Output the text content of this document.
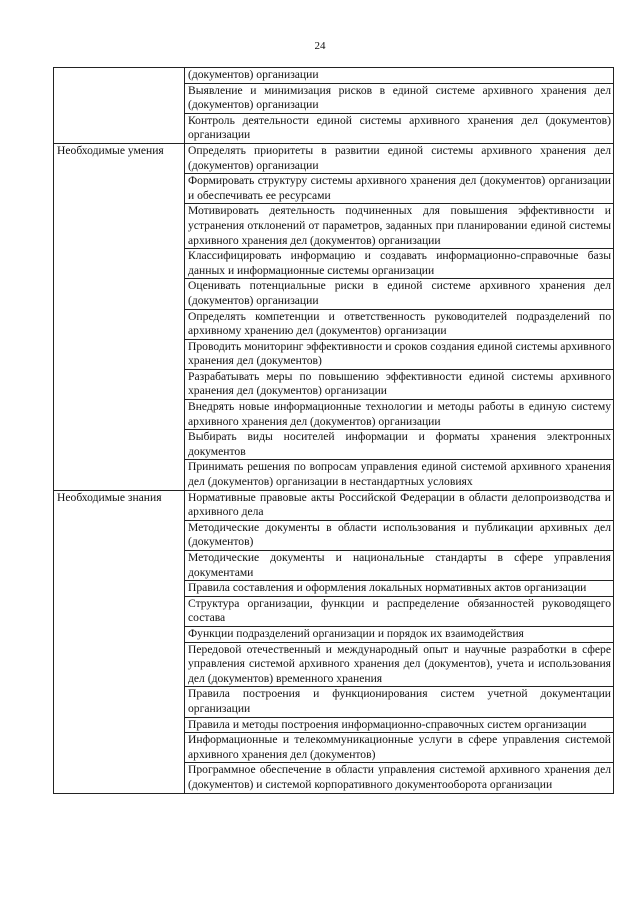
24
	(документов) организации
	Выявление и минимизация рисков в единой системе архивного хранения дел (документов) организации
	Контроль деятельности единой системы архивного хранения дел (документов) организации
Необходимые умения	Определять приоритеты в развитии единой системы архивного хранения дел (документов) организации
	Формировать структуру системы архивного хранения дел (документов) организации и обеспечивать ее ресурсами
	Мотивировать деятельность подчиненных для повышения эффективности и устранения отклонений от параметров, заданных при планировании единой системы архивного хранения дел (документов) организации
	Классифицировать информацию и создавать информационно-справочные базы данных и информационные системы организации
	Оценивать потенциальные риски в единой системе архивного хранения дел (документов) организации
	Определять компетенции и ответственность руководителей подразделений по архивному хранению дел (документов) организации
	Проводить мониторинг эффективности и сроков создания единой системы архивного хранения дел (документов)
	Разрабатывать меры по повышению эффективности единой системы архивного хранения дел (документов) организации
	Внедрять новые информационные технологии и методы работы в единую систему архивного хранения дел (документов) организации
	Выбирать виды носителей информации и форматы хранения электронных документов
	Принимать решения по вопросам управления единой системой архивного хранения дел (документов) организации в нестандартных условиях
Необходимые знания	Нормативные правовые акты Российской Федерации в области делопроизводства и архивного дела
	Методические документы в области использования и публикации архивных дел (документов)
	Методические документы и национальные стандарты в сфере управления документами
	Правила составления и оформления локальных нормативных актов организации
	Структура организации, функции и распределение обязанностей руководящего состава
	Функции подразделений организации и порядок их взаимодействия
	Передовой отечественный и международный опыт и научные разработки в сфере управления системой архивного хранения дел (документов), учета и использования дел (документов) временного хранения
	Правила построения и функционирования систем учетной документации организации
	Правила и методы построения информационно-справочных систем организации
	Информационные и телекоммуникационные услуги в сфере управления системой архивного хранения дел (документов)
	Программное обеспечение в области управления системой архивного хранения дел (документов) и системой корпоративного документооборота организации
